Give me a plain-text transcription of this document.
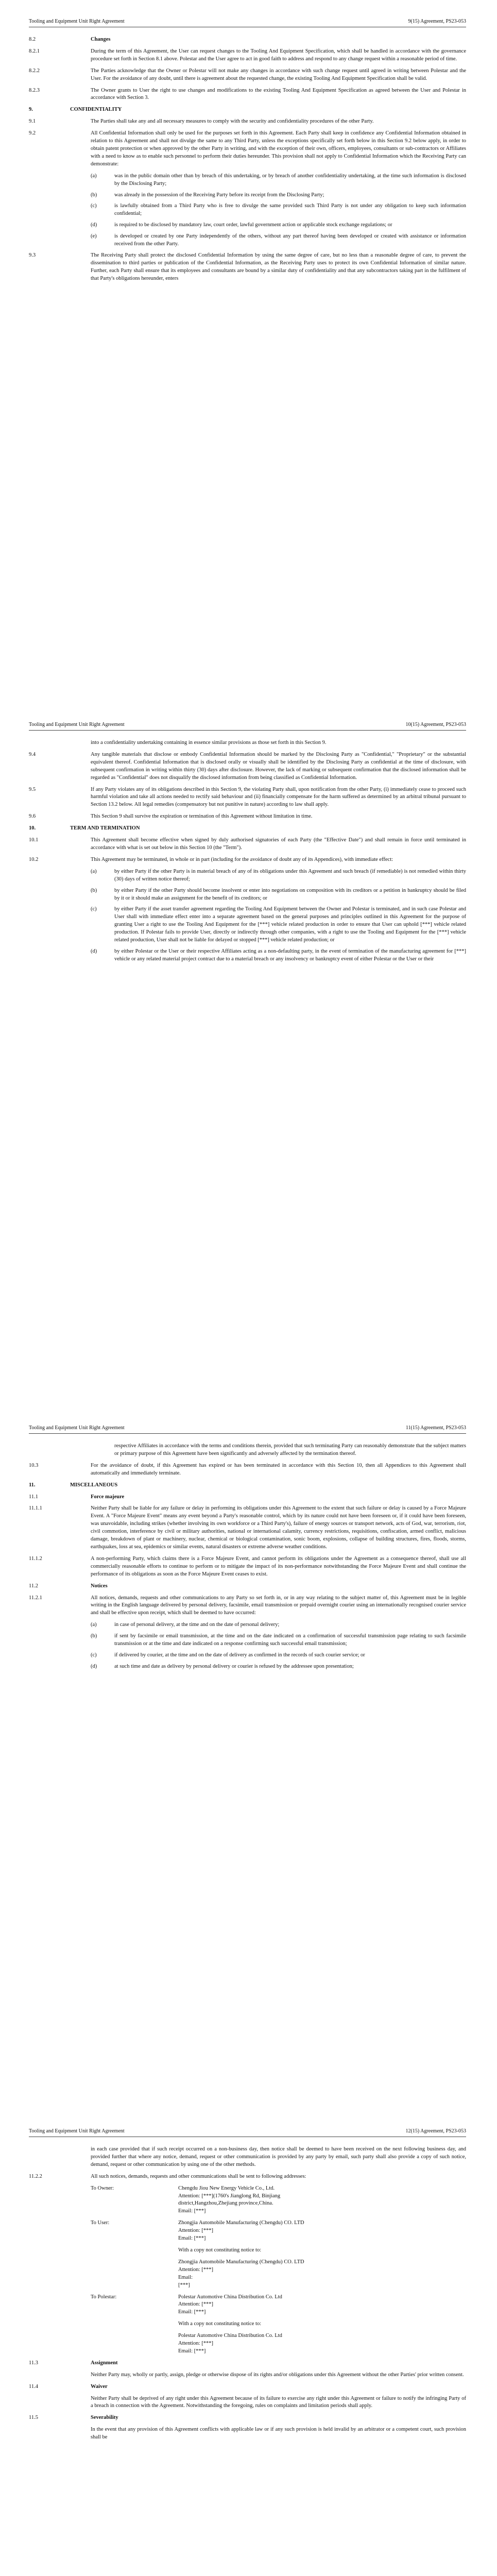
Tooling and Equipment Unit Right Agreement	9(15) Agreement, PS23-053
8.2	Changes
8.2.1	During the term of this Agreement, the User can request changes to the Tooling And Equipment Specification, which shall be handled in accordance with the governance procedure set forth in Section 8.1 above. Polestar and the User agree to act in good faith to address and respond to any change request within a reasonable period of time.
8.2.2	The Parties acknowledge that the Owner or Polestar will not make any changes in accordance with such change request until agreed in writing between Polestar and the User. For the avoidance of any doubt, until there is agreement about the requested change, the existing Tooling And Equipment Specification shall be valid.
8.2.3	The Owner grants to User the right to use changes and modifications to the existing Tooling And Equipment Specification as agreed between the User and Polestar in accordance with Section 3.
9.	CONFIDENTIALITY
9.1	The Parties shall take any and all necessary measures to comply with the security and confidentiality procedures of the other Party.
9.2	All Confidential Information shall only be used for the purposes set forth in this Agreement. Each Party shall keep in confidence any Confidential Information obtained in relation to this Agreement and shall not divulge the same to any Third Party, unless the exceptions specifically set forth below in this Section 9.2 below apply, in order to obtain patent protection or when approved by the other Party in writing, and with the exception of their own, officers, employees, consultants or sub-contractors or Affiliates with a need to know as to enable such personnel to perform their duties hereunder. This provision shall not apply to Confidential Information which the Receiving Party can demonstrate:
(a)	was in the public domain other than by breach of this undertaking, or by breach of another confidentiality undertaking, at the time such information is disclosed by the Disclosing Party;
(b)	was already in the possession of the Receiving Party before its receipt from the Disclosing Party;
(c)	is lawfully obtained from a Third Party who is free to divulge the same provided such Third Party is not under any obligation to keep such information confidential;
(d)	is required to be disclosed by mandatory law, court order, lawful government action or applicable stock exchange regulations; or
(e)	is developed or created by one Party independently of the others, without any part thereof having been developed or created with assistance or information received from the other Party.
9.3	The Receiving Party shall protect the disclosed Confidential Information by using the same degree of care, but no less than a reasonable degree of care, to prevent the dissemination to third parties or publication of the Confidential Information, as the Receiving Party uses to protect its own Confidential Information of similar nature. Further, each Party shall ensure that its employees and consultants are bound by a similar duty of confidentiality and that any subcontractors taking part in the fulfilment of that Party's obligations hereunder, enters
Tooling and Equipment Unit Right Agreement	10(15) Agreement, PS23-053
into a confidentiality undertaking containing in essence similar provisions as those set forth in this Section 9.
9.4	Any tangible materials that disclose or embody Confidential Information should be marked by the Disclosing Party as "Confidential," "Proprietary" or the substantial equivalent thereof. Confidential Information that is disclosed orally or visually shall be identified by the Disclosing Party as confidential at the time of disclosure, with subsequent confirmation in writing within thirty (30) days after disclosure. However, the lack of marking or subsequent confirmation that the disclosed information shall be regarded as "Confidential" does not disqualify the disclosed information from being classified as Confidential Information.
9.5	If any Party violates any of its obligations described in this Section 9, the violating Party shall, upon notification from the other Party, (i) immediately cease to proceed such harmful violation and take all actions needed to rectify said behaviour and (ii) financially compensate for the harm suffered as determined by an arbitral tribunal pursuant to Section 13.2 below. All legal remedies (compensatory but not punitive in nature) according to law shall apply.
9.6	This Section 9 shall survive the expiration or termination of this Agreement without limitation in time.
10.	TERM AND TERMINATION
10.1	This Agreement shall become effective when signed by duly authorised signatories of each Party (the "Effective Date") and shall remain in force until terminated in accordance with what is set out below in this Section 10 (the "Term").
10.2	This Agreement may be terminated, in whole or in part (including for the avoidance of doubt any of its Appendices), with immediate effect:
(a)	by either Party if the other Party is in material breach of any of its obligations under this Agreement and such breach (if remediable) is not remedied within thirty (30) days of written notice thereof;
(b)	by either Party if the other Party should become insolvent or enter into negotiations on composition with its creditors or a petition in bankruptcy should be filed by it or it should make an assignment for the benefit of its creditors; or
(c)	by either Party if the asset transfer agreement regarding the Tooling And Equipment between the Owner and Polestar is terminated, and in such case Polestar and User shall with immediate effect enter into a separate agreement based on the general purposes and principles outlined in this Agreement for the purpose of granting User a right to use the Tooling And Equipment for the [***] vehicle related production in order to ensure that User can uphold [***] vehicle related production. If Polestar fails to provide User, directly or indirectly through other companies, with a right to use the Tooling and Equipment for the [***] vehicle related production, User shall not be liable for delayed or stopped [***] vehicle related production; or
(d)	by either Polestar or the User or their respective Affiliates acting as a non-defaulting party, in the event of termination of the manufacturing agreement for [***] vehicle or any related material project contract due to a material breach or any insolvency or bankruptcy event of either Polestar or the User or their
Tooling and Equipment Unit Right Agreement	11(15) Agreement, PS23-053
respective Affiliates in accordance with the terms and conditions therein, provided that such terminating Party can reasonably demonstrate that the subject matters or primary purpose of this Agreement have been significantly and adversely affected by the termination thereof.
10.3	For the avoidance of doubt, if this Agreement has expired or has been terminated in accordance with this Section 10, then all Appendices to this Agreement shall automatically and immediately terminate.
11.	MISCELLANEOUS
11.1	Force majeure
11.1.1	Neither Party shall be liable for any failure or delay in performing its obligations under this Agreement to the extent that such failure or delay is caused by a Force Majeure Event. A "Force Majeure Event" means any event beyond a Party's reasonable control, which by its nature could not have been foreseen or, if it could have been foreseen, was unavoidable, including strikes (whether involving its own workforce or a Third Party's), failure of energy sources or transport network, acts of God, war, terrorism, riot, civil commotion, interference by civil or military authorities, national or international calamity, currency restrictions, requisitions, confiscation, armed conflict, malicious damage, breakdown of plant or machinery, nuclear, chemical or biological contamination, sonic boom, explosions, collapse of building structures, fires, floods, storms, earthquakes, loss at sea, epidemics or similar events, natural disasters or extreme adverse weather conditions.
11.1.2	A non-performing Party, which claims there is a Force Majeure Event, and cannot perform its obligations under the Agreement as a consequence thereof, shall use all commercially reasonable efforts to continue to perform or to mitigate the impact of its non-performance notwithstanding the Force Majeure Event and shall continue the performance of its obligations as soon as the Force Majeure Event ceases to exist.
11.2	Notices
11.2.1	All notices, demands, requests and other communications to any Party so set forth in, or in any way relating to the subject matter of, this Agreement must be in legible writing in the English language delivered by personal delivery, facsimile, email transmission or prepaid overnight courier using an internationally recognised courier service and shall be effective upon receipt, which shall be deemed to have occurred:
(a)	in case of personal delivery, at the time and on the date of personal delivery;
(b)	if sent by facsimile or email transmission, at the time and on the date indicated on a confirmation of successful transmission page relating to such facsimile transmission or at the time and date indicated on a response confirming such successful email transmission;
(c)	if delivered by courier, at the time and on the date of delivery as confirmed in the records of such courier service; or
(d)	at such time and date as delivery by personal delivery or courier is refused by the addressee upon presentation;
Tooling and Equipment Unit Right Agreement	12(15) Agreement, PS23-053
in each case provided that if such receipt occurred on a non-business day, then notice shall be deemed to have been received on the next following business day, and provided further that where any notice, demand, request or other communication is provided by any party by email, such party shall also provide a copy of such notice, demand, request or other communication by using one of the other methods.
11.2.2	All such notices, demands, requests and other communications shall be sent to following addresses:
To Owner:	Chengdu Jiou New Energy Vehicle Co., Ltd.
Attention: [***](1760's Jianglong Rd, Binjiang
district,Hangzhou,Zhejiang province,China.
Email: [***]
To User:	Zhongjia Automobile Manufacturing (Chengdu) CO. LTD
Attention: [***]
Email: [***]
With a copy not constituting notice to:
Zhongjia Automobile Manufacturing (Chengdu) CO. LTD
Attention: [***]
Email:
[***]
To Polestar:	Polestar Automotive China Distribution Co. Ltd
Attention: [***]
Email: [***]
With a copy not constituting notice to:
Polestar Automotive China Distribution Co. Ltd
Attention: [***]
Email: [***]
11.3	Assignment
Neither Party may, wholly or partly, assign, pledge or otherwise dispose of its rights and/or obligations under this Agreement without the other Parties' prior written consent.
11.4	Waiver
Neither Party shall be deprived of any right under this Agreement because of its failure to exercise any right under this Agreement or failure to notify the infringing Party of a breach in connection with the Agreement. Notwithstanding the foregoing, rules on complaints and limitation periods shall apply.
11.5	Severability
In the event that any provision of this Agreement conflicts with applicable law or if any such provision is held invalid by an arbitrator or a competent court, such provision shall be
